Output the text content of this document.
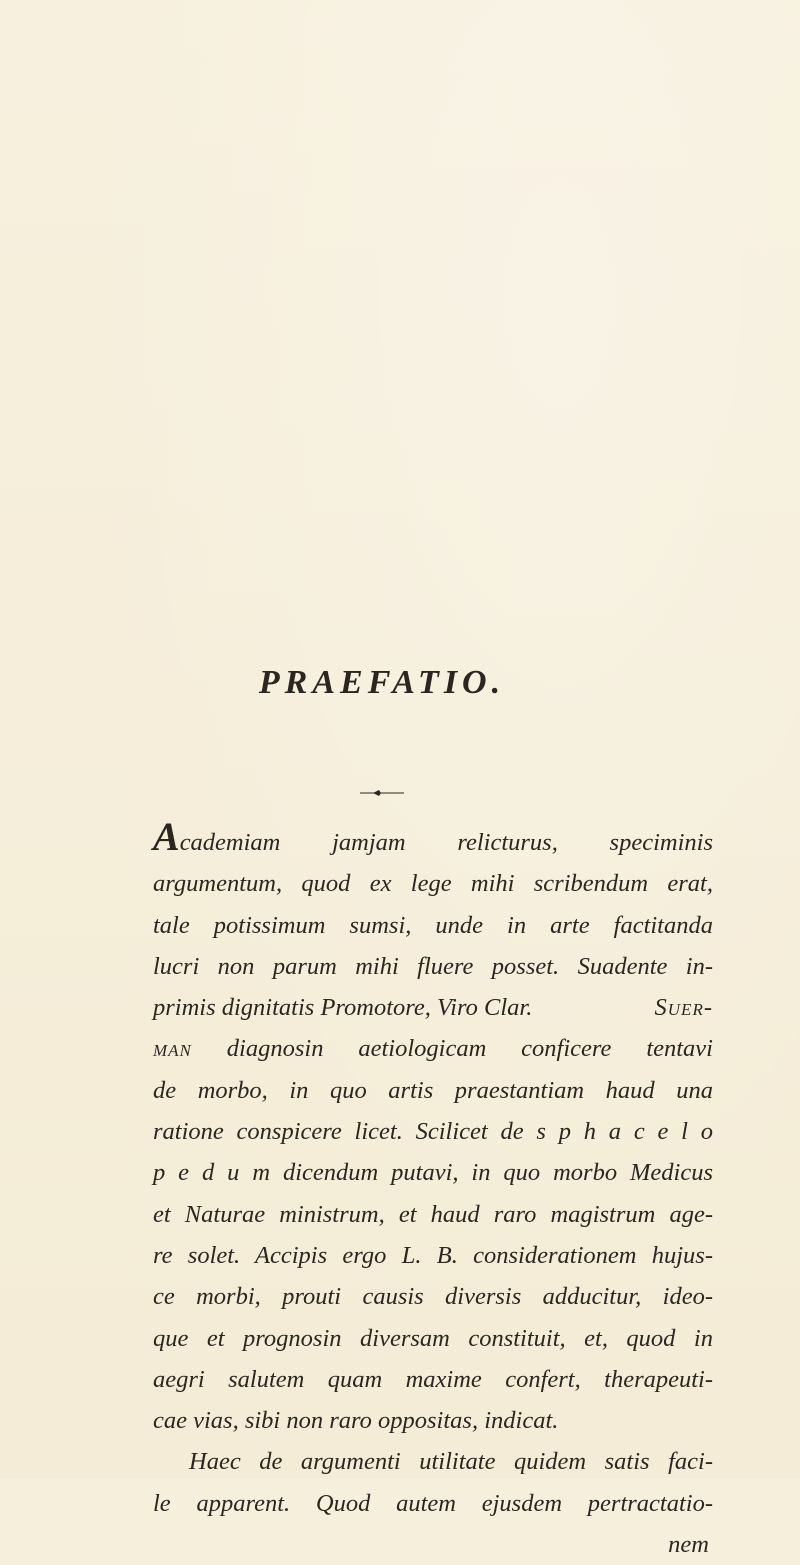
PRAEFATIO.
Academiam jamjam relicturus, speciminis
argumentum, quod ex lege mihi scribendum erat,
tale potissimum sumsi, unde in arte factitanda
lucri non parum mihi fluere posset. Suadente in-
primis dignitatis Promotore, Viro Clar.	Suer-
man diagnosin aetiologicam conficere tentavi
de morbo, in quo artis praestantiam haud una
ratione conspicere licet. Scilicet de s p h a c e l o
p e d u m dicendum putavi, in quo morbo Medicus
et Naturae ministrum, et haud raro magistrum age-
re solet. Accipis ergo L. B. considerationem hujus-
ce morbi, prouti causis diversis adducitur, ideo-
que et prognosin diversam constituit, et, quod in
aegri salutem quam maxime confert, therapeuti-
cae vias, sibi non raro oppositas, indicat.
Haec de argumenti utilitate quidem satis faci-
le apparent. Quod autem ejusdem pertractatio-
nem
